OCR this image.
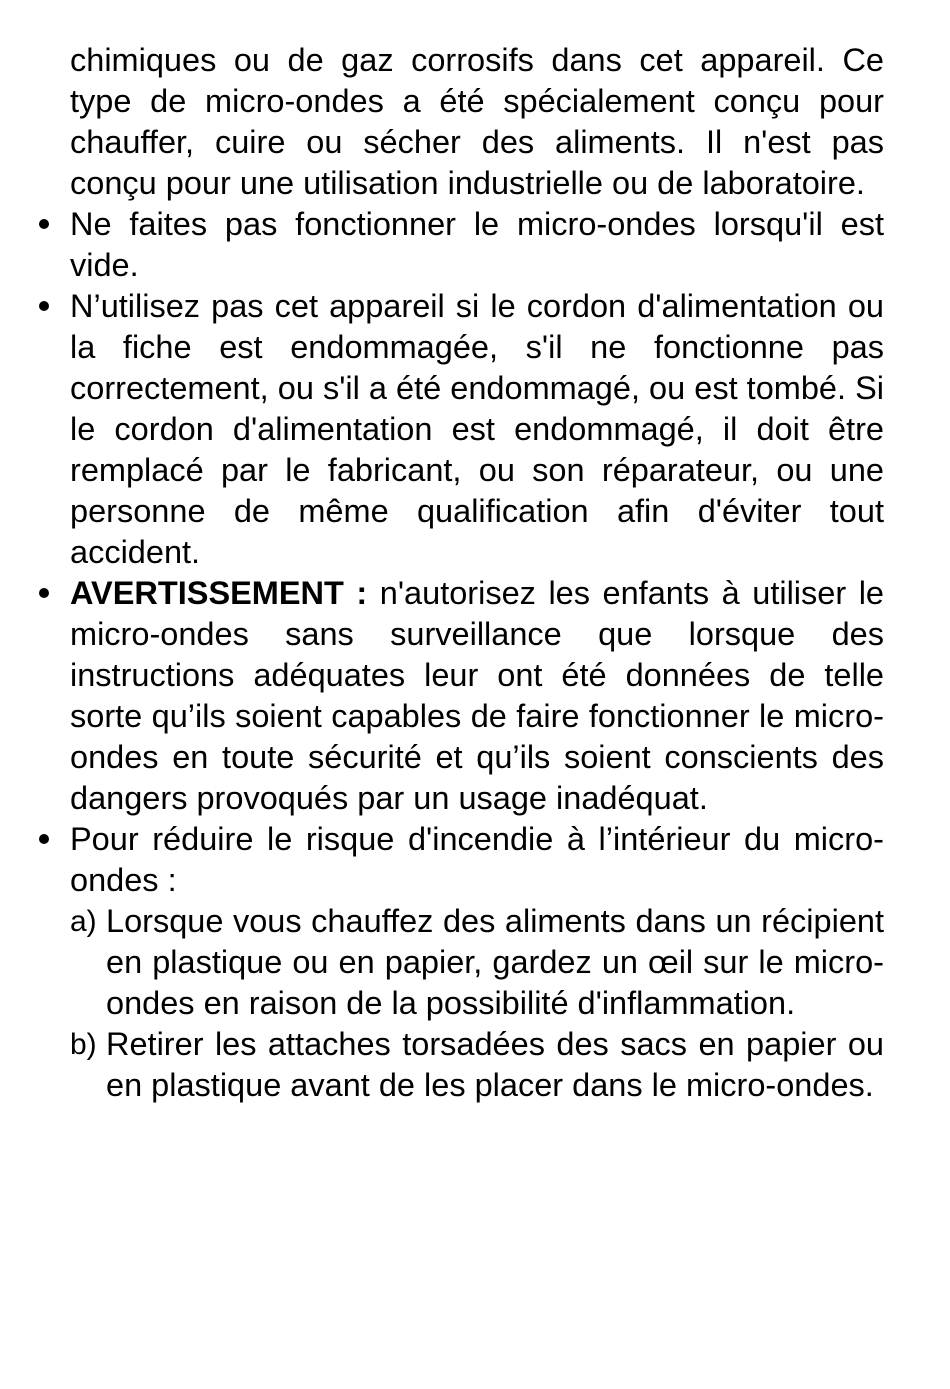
chimiques ou de gaz corrosifs dans cet appareil. Ce type de micro-ondes a été spécialement conçu pour chauffer, cuire ou sécher des aliments. Il n'est pas conçu pour une utilisation industrielle ou de laboratoire.

Ne faites pas fonctionner le micro-ondes lorsqu'il est vide.
N’utilisez pas cet appareil si le cordon d'alimentation ou la fiche est endommagée, s'il ne fonctionne pas correctement, ou s'il a été endommagé, ou est tombé. Si le cordon d'alimentation est endommagé, il doit être remplacé par le fabricant, ou son réparateur, ou une personne de même qualification afin d'éviter tout accident.
AVERTISSEMENT : n'autorisez les enfants à utiliser le micro-ondes sans surveillance que lorsque des instructions adéquates leur ont été données de telle sorte qu’ils soient capables de faire fonctionner le micro-ondes en toute sécurité et qu’ils soient conscients des dangers provoqués par un usage inadéquat.
Pour réduire le risque d'incendie à l’intérieur du micro-ondes :
a) Lorsque vous chauffez des aliments dans un récipient en plastique ou en papier, gardez un œil sur le micro-ondes en raison de la possibilité d'inflammation.
b) Retirer les attaches torsadées des sacs en papier ou en plastique avant de les placer dans le micro-ondes.
